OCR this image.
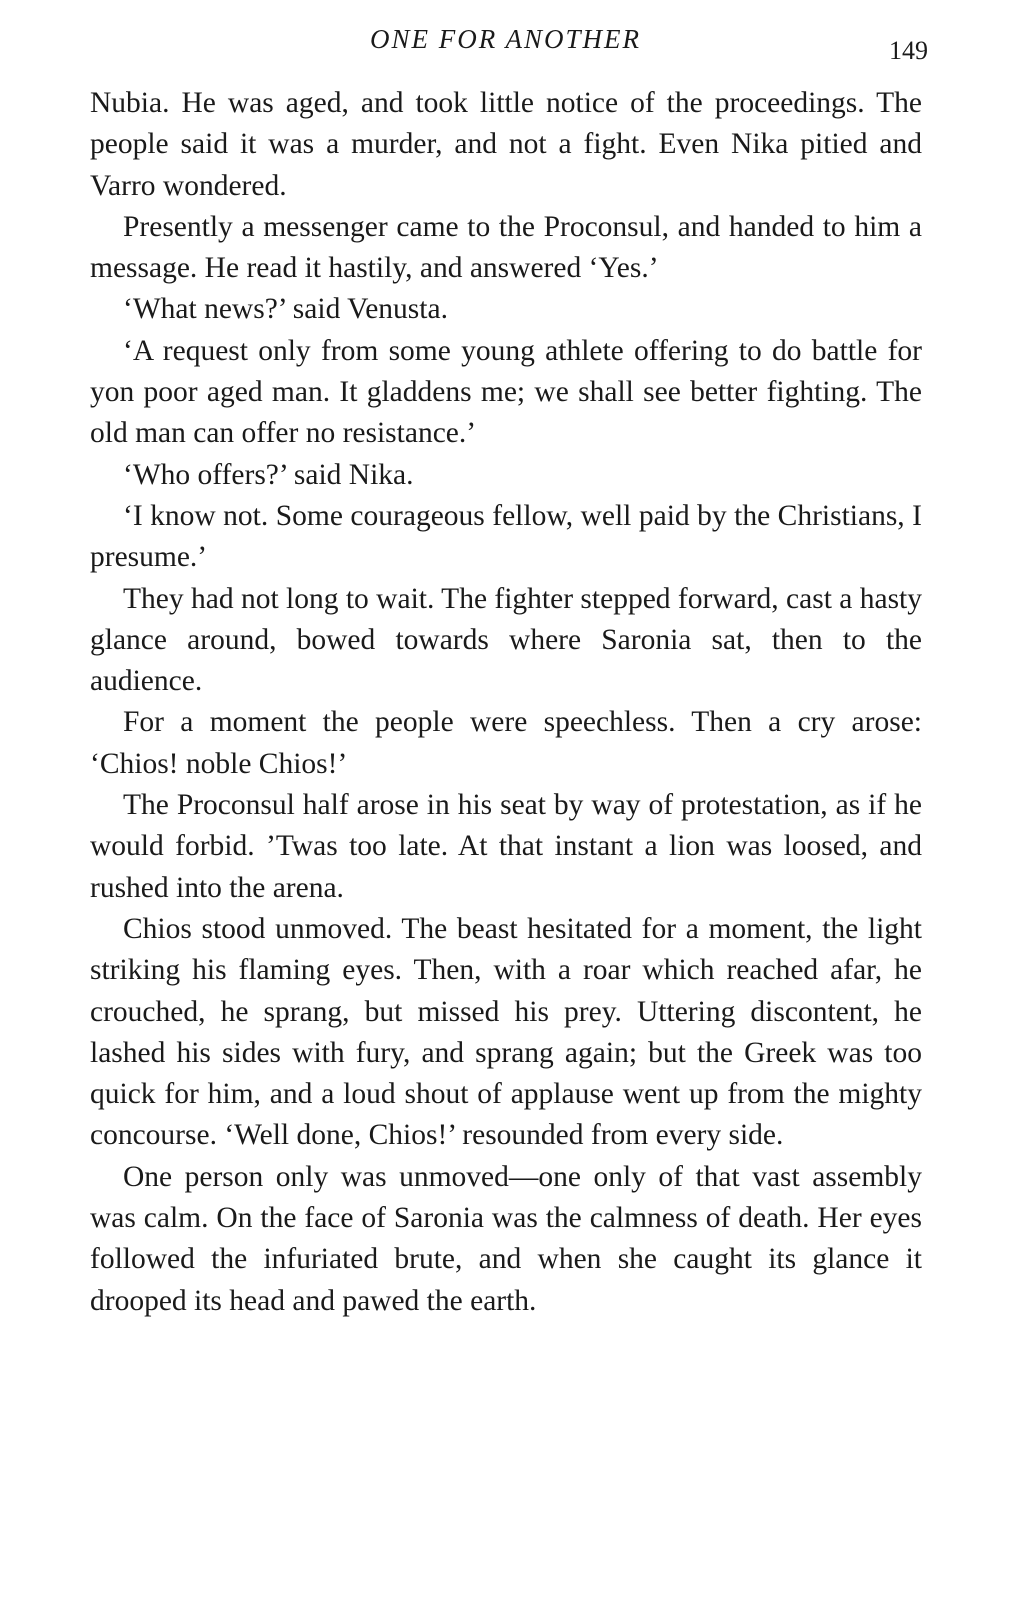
ONE FOR ANOTHER	149

Nubia. He was aged, and took little notice of the proceedings. The people said it was a murder, and not a fight. Even Nika pitied and Varro wondered.

Presently a messenger came to the Proconsul, and handed to him a message. He read it hastily, and answered ‘Yes.’

‘What news?’ said Venusta.

‘A request only from some young athlete offering to do battle for yon poor aged man. It gladdens me; we shall see better fighting. The old man can offer no resistance.’

‘Who offers?’ said Nika.

‘I know not. Some courageous fellow, well paid by the Christians, I presume.’

They had not long to wait. The fighter stepped forward, cast a hasty glance around, bowed towards where Saronia sat, then to the audience.

For a moment the people were speechless. Then a cry arose: ‘Chios! noble Chios!’

The Proconsul half arose in his seat by way of protestation, as if he would forbid. ’Twas too late. At that instant a lion was loosed, and rushed into the arena.

Chios stood unmoved. The beast hesitated for a moment, the light striking his flaming eyes. Then, with a roar which reached afar, he crouched, he sprang, but missed his prey. Uttering discontent, he lashed his sides with fury, and sprang again; but the Greek was too quick for him, and a loud shout of applause went up from the mighty concourse. ‘Well done, Chios!’ resounded from every side.

One person only was unmoved—one only of that vast assembly was calm. On the face of Saronia was the calmness of death. Her eyes followed the infuriated brute, and when she caught its glance it drooped its head and pawed the earth.
